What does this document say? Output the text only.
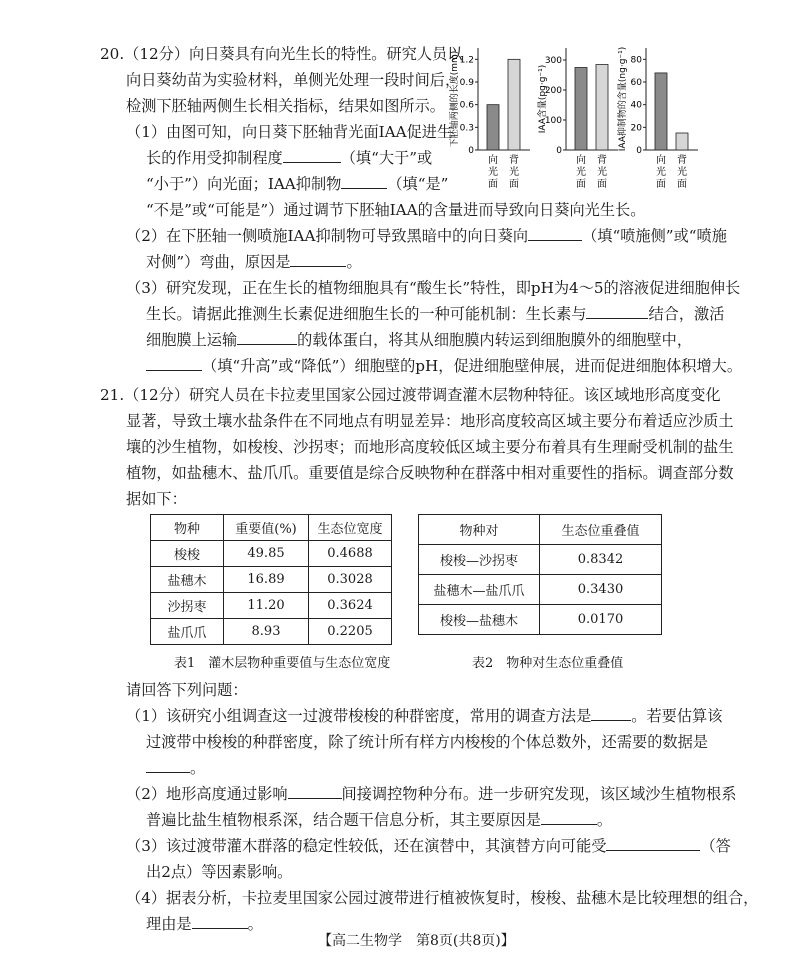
20.（12分）向日葵具有向光生长的特性。研究人员以
向日葵幼苗为实验材料，单侧光处理一段时间后，
检测下胚轴两侧生长相关指标，结果如图所示。
（1）由图可知，向日葵下胚轴背光面IAA促进生
长的作用受抑制程度	（填“大于”或
“小于”）向光面；IAA抑制物	（填“是”
“不是”或“可能是”）通过调节下胚轴IAA的含量进而导致向日葵向光生长。
（2）在下胚轴一侧喷施IAA抑制物可导致黑暗中的向日葵向	（填“喷施侧”或“喷施
对侧”）弯曲，原因是	。
（3）研究发现，正在生长的植物细胞具有“酸生长”特性，即pH为4～5的溶液促进细胞伸长
生长。请据此推测生长素促进细胞生长的一种可能机制：生长素与	结合，激活
细胞膜上运输	的载体蛋白，将其从细胞膜内转运到细胞膜外的细胞壁中，
（填“升高”或“降低”）细胞壁的pH，促进细胞壁伸展，进而促进细胞体积增大。
下胚轴两侧的长度(mm)
0
0.3
0.6
0.9
1.2
向
光
面
背
光
面
IAA含量(pg·g⁻¹)
0
100
200
300
向
光
面
背
光
面
IAA抑制物的含量(ng·g⁻¹) 0
20
40
60
80
向
光
面
背
光
面
21.（12分）研究人员在卡拉麦里国家公园过渡带调查灌木层物种特征。该区域地形高度变化
显著，导致土壤水盐条件在不同地点有明显差异：地形高度较高区域主要分布着适应沙质土
壤的沙生植物，如梭梭、沙拐枣；而地形高度较低区域主要分布着具有生理耐受机制的盐生
植物，如盐穗木、盐爪爪。重要值是综合反映物种在群落中相对重要性的指标。调查部分数
据如下：
物种	重要值(%)	生态位宽度
梭梭	49.85	0.4688
盐穗木	16.89	0.3028
沙拐枣	11.20	0.3624
盐爪爪	8.93	0.2205
表1　灌木层物种重要值与生态位宽度
物种对	生态位重叠值
梭梭—沙拐枣	0.8342
盐穗木—盐爪爪	0.3430
梭梭—盐穗木	0.0170
表2　物种对生态位重叠值
请回答下列问题：
（1）该研究小组调查这一过渡带梭梭的种群密度，常用的调查方法是	。若要估算该
过渡带中梭梭的种群密度，除了统计所有样方内梭梭的个体总数外，还需要的数据是
。
（2）地形高度通过影响	间接调控物种分布。进一步研究发现，该区域沙生植物根系
普遍比盐生植物根系深，结合题干信息分析，其主要原因是	。
（3）该过渡带灌木群落的稳定性较低，还在演替中，其演替方向可能受	（答
出2点）等因素影响。
（4）据表分析，卡拉麦里国家公园过渡带进行植被恢复时，梭梭、盐穗木是比较理想的组合，
理由是	。
【高二生物学　第8页(共8页)】
